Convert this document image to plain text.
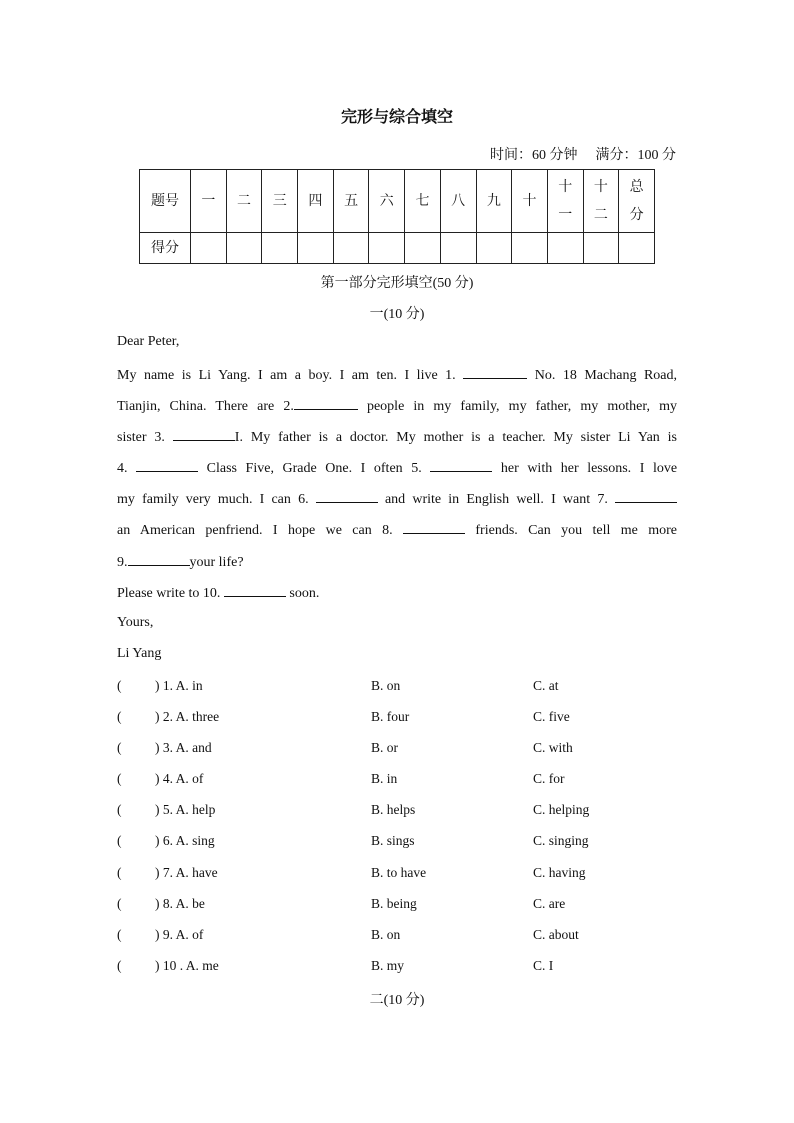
完形与综合填空
时间：60 分钟 满分：100 分
题号	一	二	三	四	五	六	七	八	九	十	十一	十二	总分
得分													
第一部分完形填空(50 分)
一(10 分)
Dear Peter,
My name is Li Yang. I am a boy. I am ten. I live 1.	No. 18 Machang Road,
Tianjin, China. There are 2.	people in my family, my father, my mother, my
sister 3.	I. My father is a doctor. My mother is a teacher. My sister Li Yan is
4.	Class Five, Grade One. I often 5.	her with her lessons. I love
my family very much. I can 6.	and write in English well. I want 7.
an American penfriend. I hope we can 8.	friends. Can you tell me more
9.	your life?
Please write to 10.	soon.
Yours,
Li Yang
( ) 1. A. in	B. on	C. at
( ) 2. A. three	B. four	C. five
( ) 3. A. and	B. or	C. with
( ) 4. A. of	B. in	C. for
( ) 5. A. help	B. helps	C. helping
( ) 6. A. sing	B. sings	C. singing
( ) 7. A. have	B. to have	C. having
( ) 8. A. be	B. being	C. are
( ) 9. A. of	B. on	C. about
( ) 10 . A. me	B. my	C. I
二(10 分)
